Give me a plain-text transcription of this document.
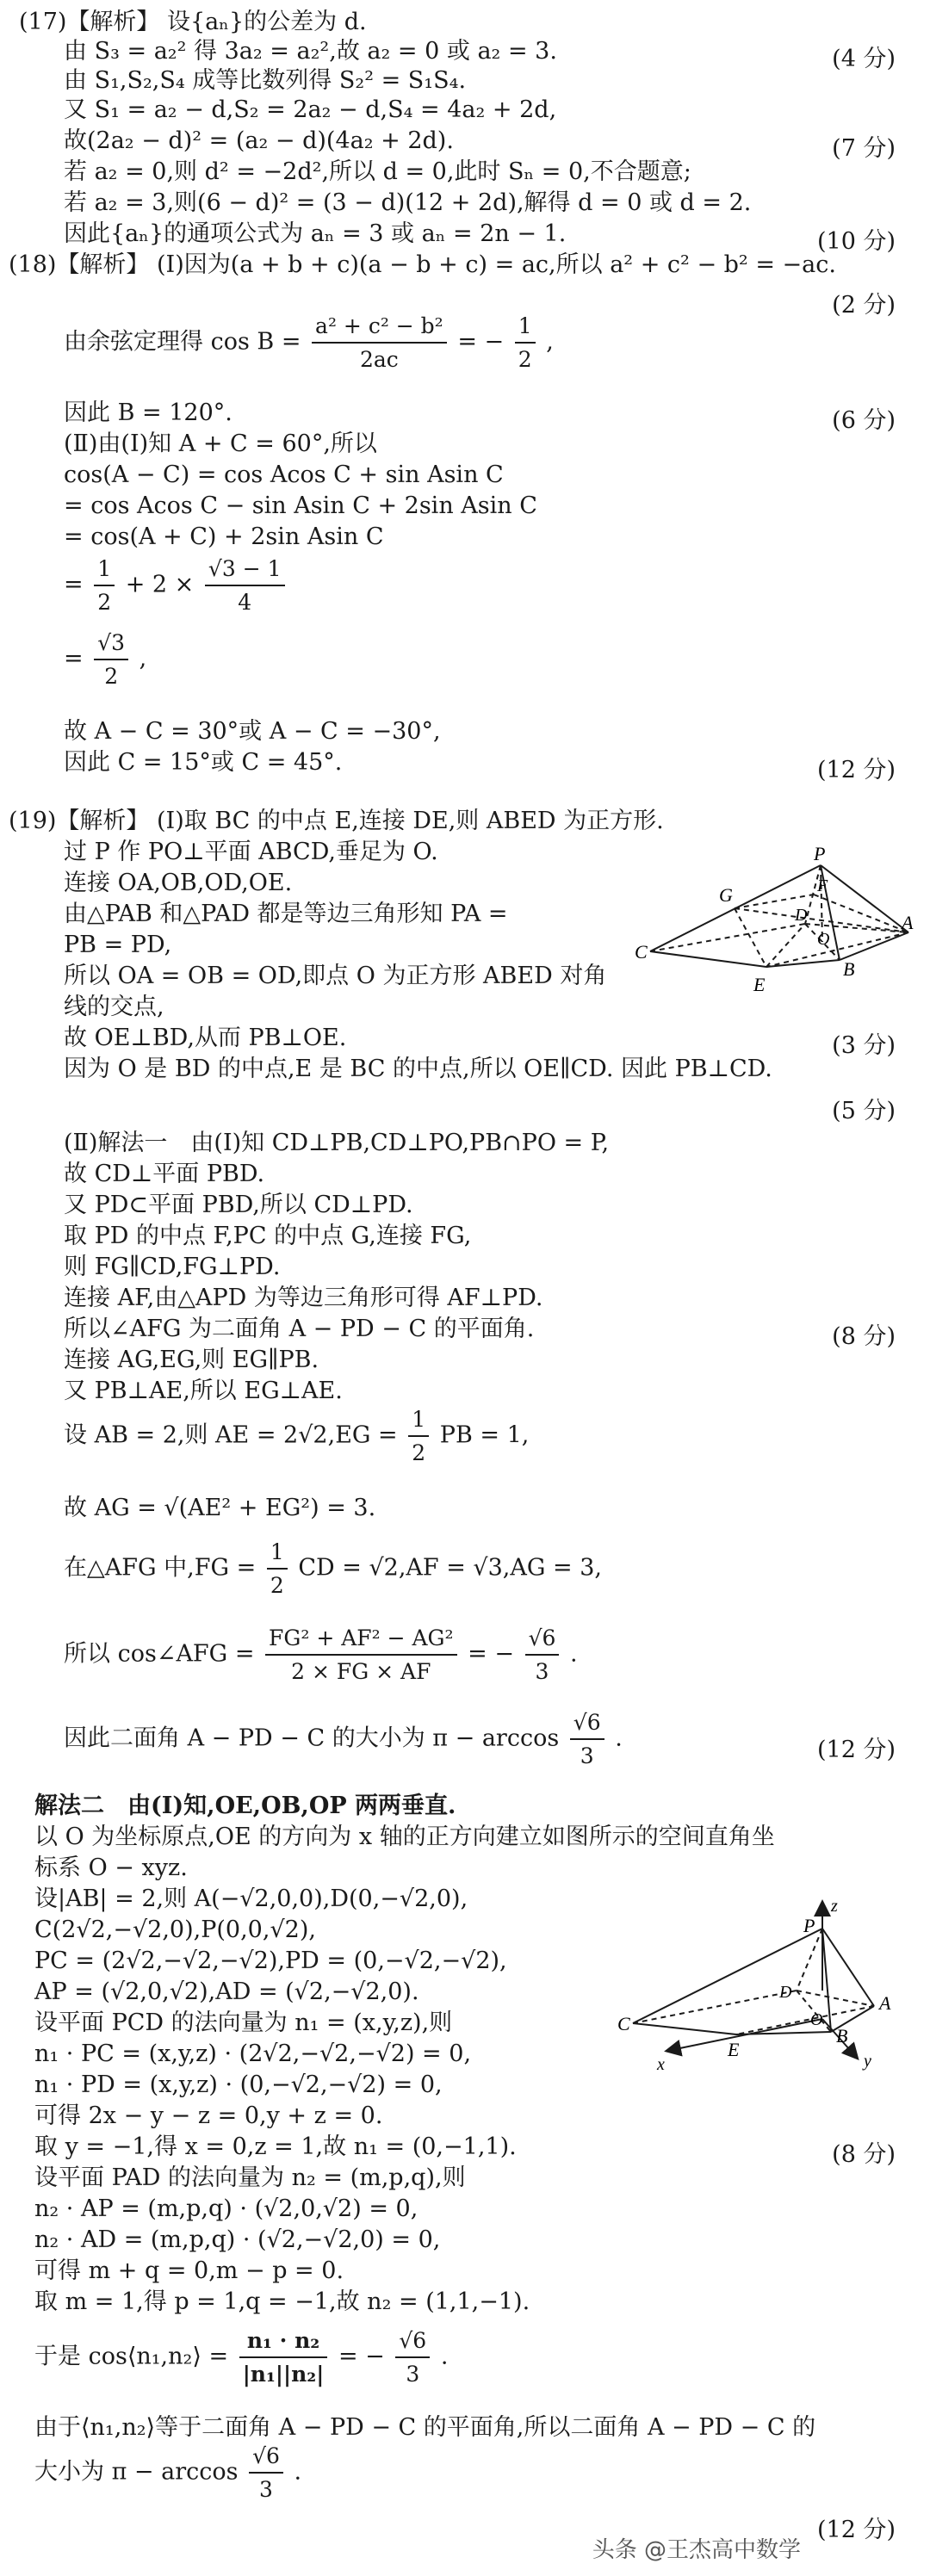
(17)【解析】 设{aₙ}的公差为 d.
由 S₃ = a₂² 得 3a₂ = a₂²,故 a₂ = 0 或 a₂ = 3.	(4 分)
由 S₁,S₂,S₄ 成等比数列得 S₂² = S₁S₄.
又 S₁ = a₂ − d,S₂ = 2a₂ − d,S₄ = 4a₂ + 2d,
故(2a₂ − d)² = (a₂ − d)(4a₂ + 2d).	(7 分)
若 a₂ = 0,则 d² = −2d²,所以 d = 0,此时 Sₙ = 0,不合题意;
若 a₂ = 3,则(6 − d)² = (3 − d)(12 + 2d),解得 d = 0 或 d = 2.
因此{aₙ}的通项公式为 aₙ = 3 或 aₙ = 2n − 1.	(10 分)
(18)【解析】 (Ⅰ)因为(a + b + c)(a − b + c) = ac,所以 a² + c² − b² = −ac.
(2 分)
由余弦定理得 $\cos B = \frac{\text{a² + c² − b²}}{2ac}$ = − $\frac{1}{2}$ ,
因此 B = 120°.	(6 分)
(Ⅱ)由(Ⅰ)知 A + C = 60°,所以
cos(A − C) = cos Acos C + sin Asin C
= cos Acos C − sin Asin C + 2sin Asin C
= cos(A + C) + 2sin Asin C
= $\frac{1}{2} + 2 \times \frac{√3 - 1}{4}$
= $\frac{√3}{2}$ ,
故 A − C = 30°或 A − C = −30°,
因此 C = 15°或 C = 45°.	(12 分)
(19)【解析】 (Ⅰ)取 BC 的中点 E,连接 DE,则 ABED 为正方形.
过 P 作 PO⊥平面 ABCD,垂足为 O.
连接 OA,OB,OD,OE.
由△PAB 和△PAD 都是等边三角形知 PA =
PB = PD,
所以 OA = OB = OD,即点 O 为正方形 ABED 对角
线的交点,
故 OE⊥BD,从而 PB⊥OE.	(3 分)
因为 O 是 BD 的中点,E 是 BC 的中点,所以 OE∥CD. 因此 PB⊥CD.
(5 分)
P
F
G
D
O
A
B
C
E
(Ⅱ)解法一　由(Ⅰ)知 CD⊥PB,CD⊥PO,PB∩PO = P,
故 CD⊥平面 PBD.
又 PD⊂平面 PBD,所以 CD⊥PD.
取 PD 的中点 F,PC 的中点 G,连接 FG,
则 FG∥CD,FG⊥PD.
连接 AF,由△APD 为等边三角形可得 AF⊥PD.
所以∠AFG 为二面角 A − PD − C 的平面角.	(8 分)
连接 AG,EG,则 EG∥PB.
又 PB⊥AE,所以 EG⊥AE.
设 AB = 2,则 AE = $2√2,EG = \frac{1}{2}$ PB = 1,
故 AG = √(AE² + EG²) = 3.
在△AFG 中$,FG = \frac{1}{2}$ CD = √2,AF = √3,AG = 3,
所以 cos∠AFG = $\frac{\text{FG² + AF² − AG²}}{2 \times FG \times AF}$ = − $\frac{√6}{3}$ .
因此二面角 A − PD − C 的大小为 $\pi - \arccos \frac{√6}{3}$ .	(12 分)
解法二　由(Ⅰ)知,OE,OB,OP 两两垂直.
以 O 为坐标原点,OE 的方向为 x 轴的正方向建立如图所示的空间直角坐
标系 O − xyz.
设|AB| = 2,则 A(−√2,0,0),D(0,−√2,0),
C(2√2,−√2,0),P(0,0,√2),
PC = (2√2,−√2,−√2),PD = (0,−√2,−√2),
AP = (√2,0,√2),AD = (√2,−√2,0).
设平面 PCD 的法向量为 n₁ = (x,y,z),则
n₁ · PC = (x,y,z) · (2√2,−√2,−√2) = 0,
n₁ · PD = (x,y,z) · (0,−√2,−√2) = 0,
可得 2x − y − z = 0,y + z = 0.
取 y = −1,得 x = 0,z = 1,故 n₁ = (0,−1,1).	(8 分)
设平面 PAD 的法向量为 n₂ = (m,p,q),则
n₂ · AP = (m,p,q) · (√2,0,√2) = 0,
n₂ · AD = (m,p,q) · (√2,−√2,0) = 0,
可得 m + q = 0,m − p = 0.
取 m = 1,得 p = 1,q = −1,故 n₂ = (1,1,−1).
于是 cos⟨n₁,n₂⟩ = $\frac{\text{n₁ · n₂}}{\text{|n₁||n₂|}}$ = − $\frac{√6}{3}$ .
由于⟨n₁,n₂⟩等于二面角 A − PD − C 的平面角,所以二面角 A − PD − C 的
大小为 $\pi - \arccos \frac{√6}{3}$ .
(12 分)
z
P
D	A
O
B
y
C
x
E
头条 @王杰高中数学
